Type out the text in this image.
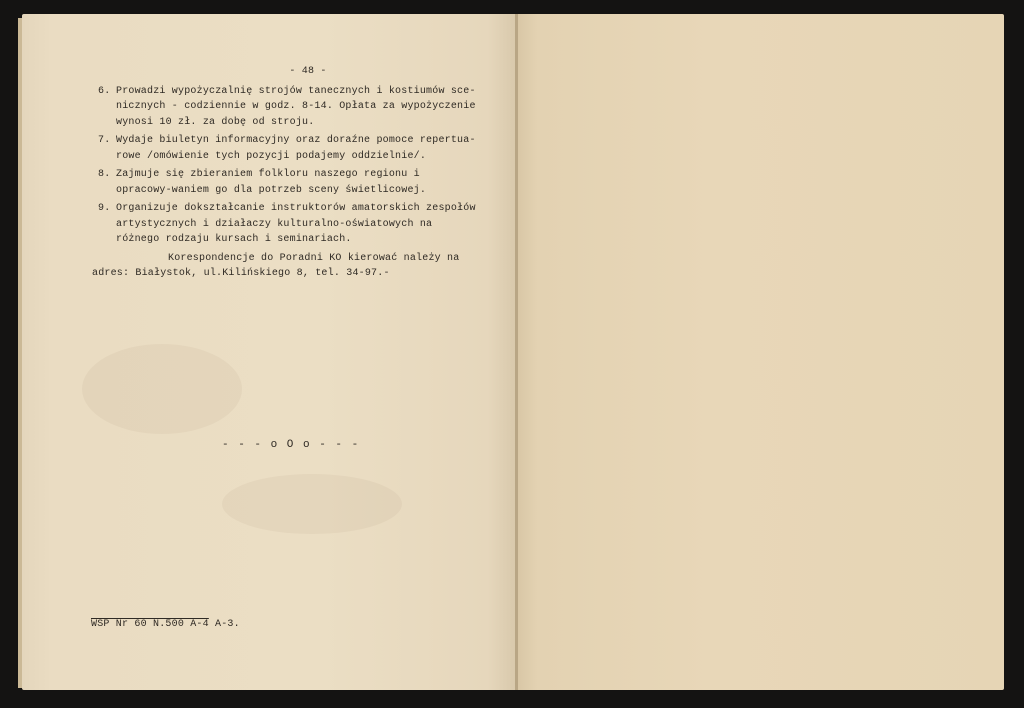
- 48 -
6. Prowadzi wypożyczalnię strojów tanecznych i kostiumów sce-nicznych - codziennie w godz. 8-14. Opłata za wypożyczenie wynosi 10 zł. za dobę od stroju.
7. Wydaje biuletyn informacyjny oraz doraźne pomoce repertua-rowe /omówienie tych pozycji podajemy oddzielnie/.
8. Zajmuje się zbieraniem folkloru naszego regionu i opracowy-waniem go dla potrzeb sceny świetlicowej.
9. Organizuje dokształcanie instruktorów amatorskich zespołów artystycznych i działaczy kulturalno-oświatowych na różnego rodzaju kursach i seminariach.
Korespondencje do Poradni KO kierować należy na
adres: Białystok, ul.Kilińskiego 8, tel. 34-97.-
- - - o O o - - -
WSP Nr 60 N.500 A-4 A-3.
